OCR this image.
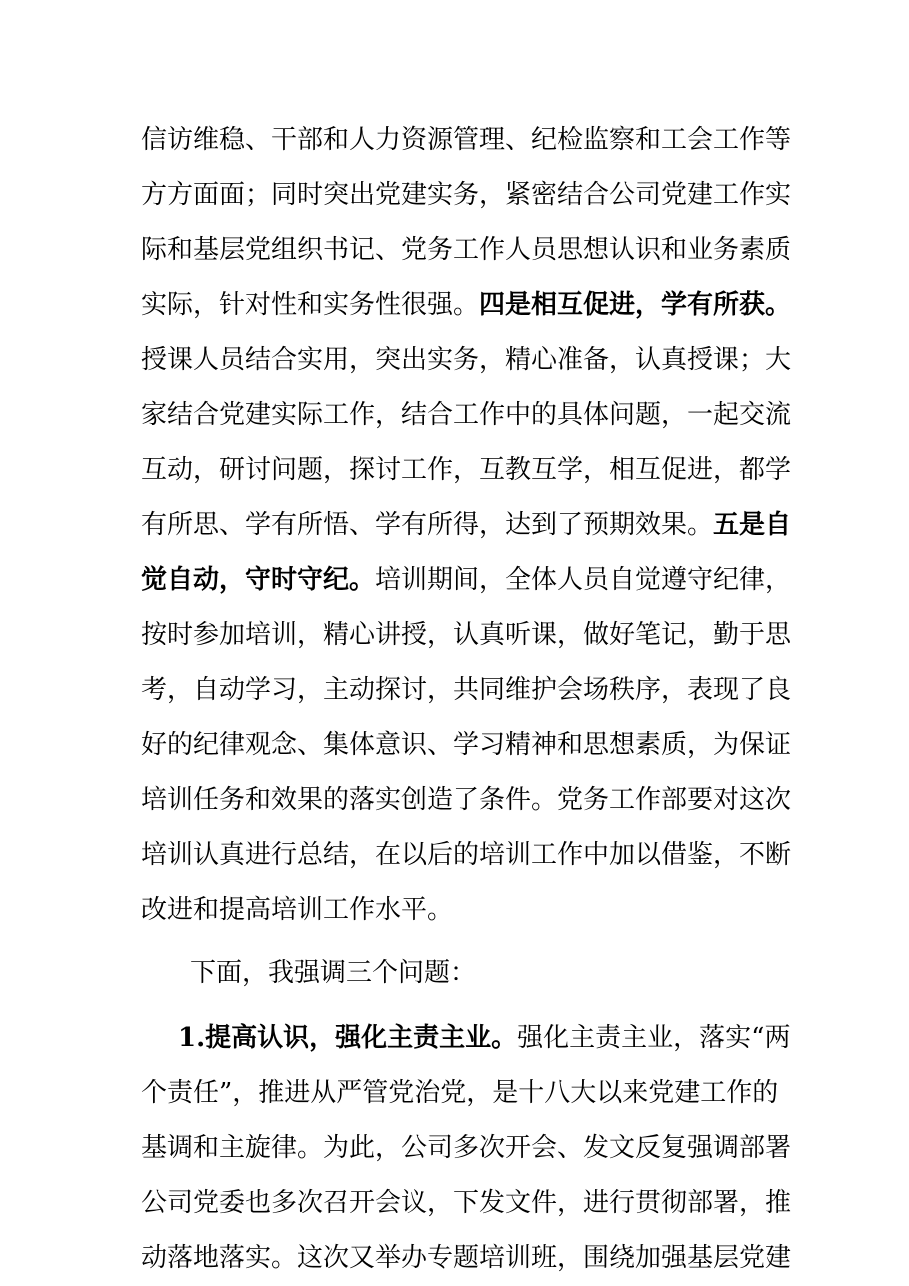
信访维稳、干部和人力资源管理、纪检监察和工会工作等
方方面面；同时突出党建实务，紧密结合公司党建工作实
际和基层党组织书记、党务工作人员思想认识和业务素质
实际，针对性和实务性很强。四是相互促进，学有所获。
授课人员结合实用，突出实务，精心准备，认真授课；大
家结合党建实际工作，结合工作中的具体问题，一起交流
互动，研讨问题，探讨工作，互教互学，相互促进，都学
有所思、学有所悟、学有所得，达到了预期效果。五是自
觉自动，守时守纪。培训期间，全体人员自觉遵守纪律，
按时参加培训，精心讲授，认真听课，做好笔记，勤于思
考，自动学习，主动探讨，共同维护会场秩序，表现了良
好的纪律观念、集体意识、学习精神和思想素质，为保证
培训任务和效果的落实创造了条件。党务工作部要对这次
培训认真进行总结，在以后的培训工作中加以借鉴，不断
改进和提高培训工作水平。
下面，我强调三个问题：
1.提高认识，强化主责主业。强化主责主业，落实“两
个责任”，推进从严管党治党，是十八大以来党建工作的
基调和主旋律。为此，公司多次开会、发文反复强调部署
公司党委也多次召开会议，下发文件，进行贯彻部署，推
动落地落实。这次又举办专题培训班，围绕加强基层党建
